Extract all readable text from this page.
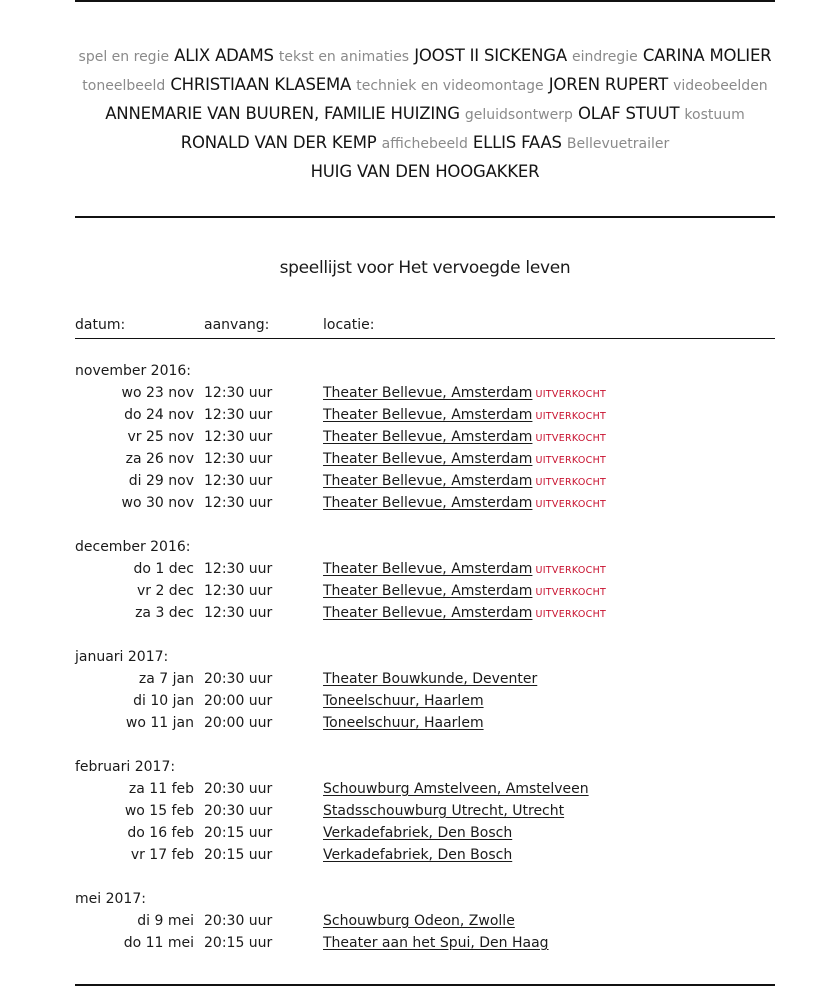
spel en regie ALIX ADAMS tekst en animaties JOOST II SICKENGA eindregie CARINA MOLIER
toneelbeeld CHRISTIAAN KLASEMA techniek en videomontage JOREN RUPERT videobeelden
ANNEMARIE VAN BUUREN, FAMILIE HUIZING geluidsontwerp OLAF STUUT kostuum
RONALD VAN DER KEMP affichebeeld ELLIS FAAS Bellevuetrailer
HUIG VAN DEN HOOGAKKER
speellijst voor Het vervoegde leven
datum:	aanvang:	locatie:
november 2016:
wo 23 nov 12:30 uur	Theater Bellevue, Amsterdam UITVERKOCHT
do 24 nov 12:30 uur	Theater Bellevue, Amsterdam UITVERKOCHT
vr 25 nov 12:30 uur	Theater Bellevue, Amsterdam UITVERKOCHT
za 26 nov 12:30 uur	Theater Bellevue, Amsterdam UITVERKOCHT
di 29 nov 12:30 uur	Theater Bellevue, Amsterdam UITVERKOCHT
wo 30 nov 12:30 uur	Theater Bellevue, Amsterdam UITVERKOCHT
december 2016:
do 1 dec 12:30 uur	Theater Bellevue, Amsterdam UITVERKOCHT
vr 2 dec 12:30 uur	Theater Bellevue, Amsterdam UITVERKOCHT
za 3 dec 12:30 uur	Theater Bellevue, Amsterdam UITVERKOCHT
januari 2017:
za 7 jan 20:30 uur	Theater Bouwkunde, Deventer
di 10 jan 20:00 uur	Toneelschuur, Haarlem
wo 11 jan 20:00 uur	Toneelschuur, Haarlem
februari 2017:
za 11 feb 20:30 uur	Schouwburg Amstelveen, Amstelveen
wo 15 feb 20:30 uur	Stadsschouwburg Utrecht, Utrecht
do 16 feb 20:15 uur	Verkadefabriek, Den Bosch
vr 17 feb 20:15 uur	Verkadefabriek, Den Bosch
mei 2017:
di 9 mei 20:30 uur	Schouwburg Odeon, Zwolle
do 11 mei 20:15 uur	Theater aan het Spui, Den Haag
